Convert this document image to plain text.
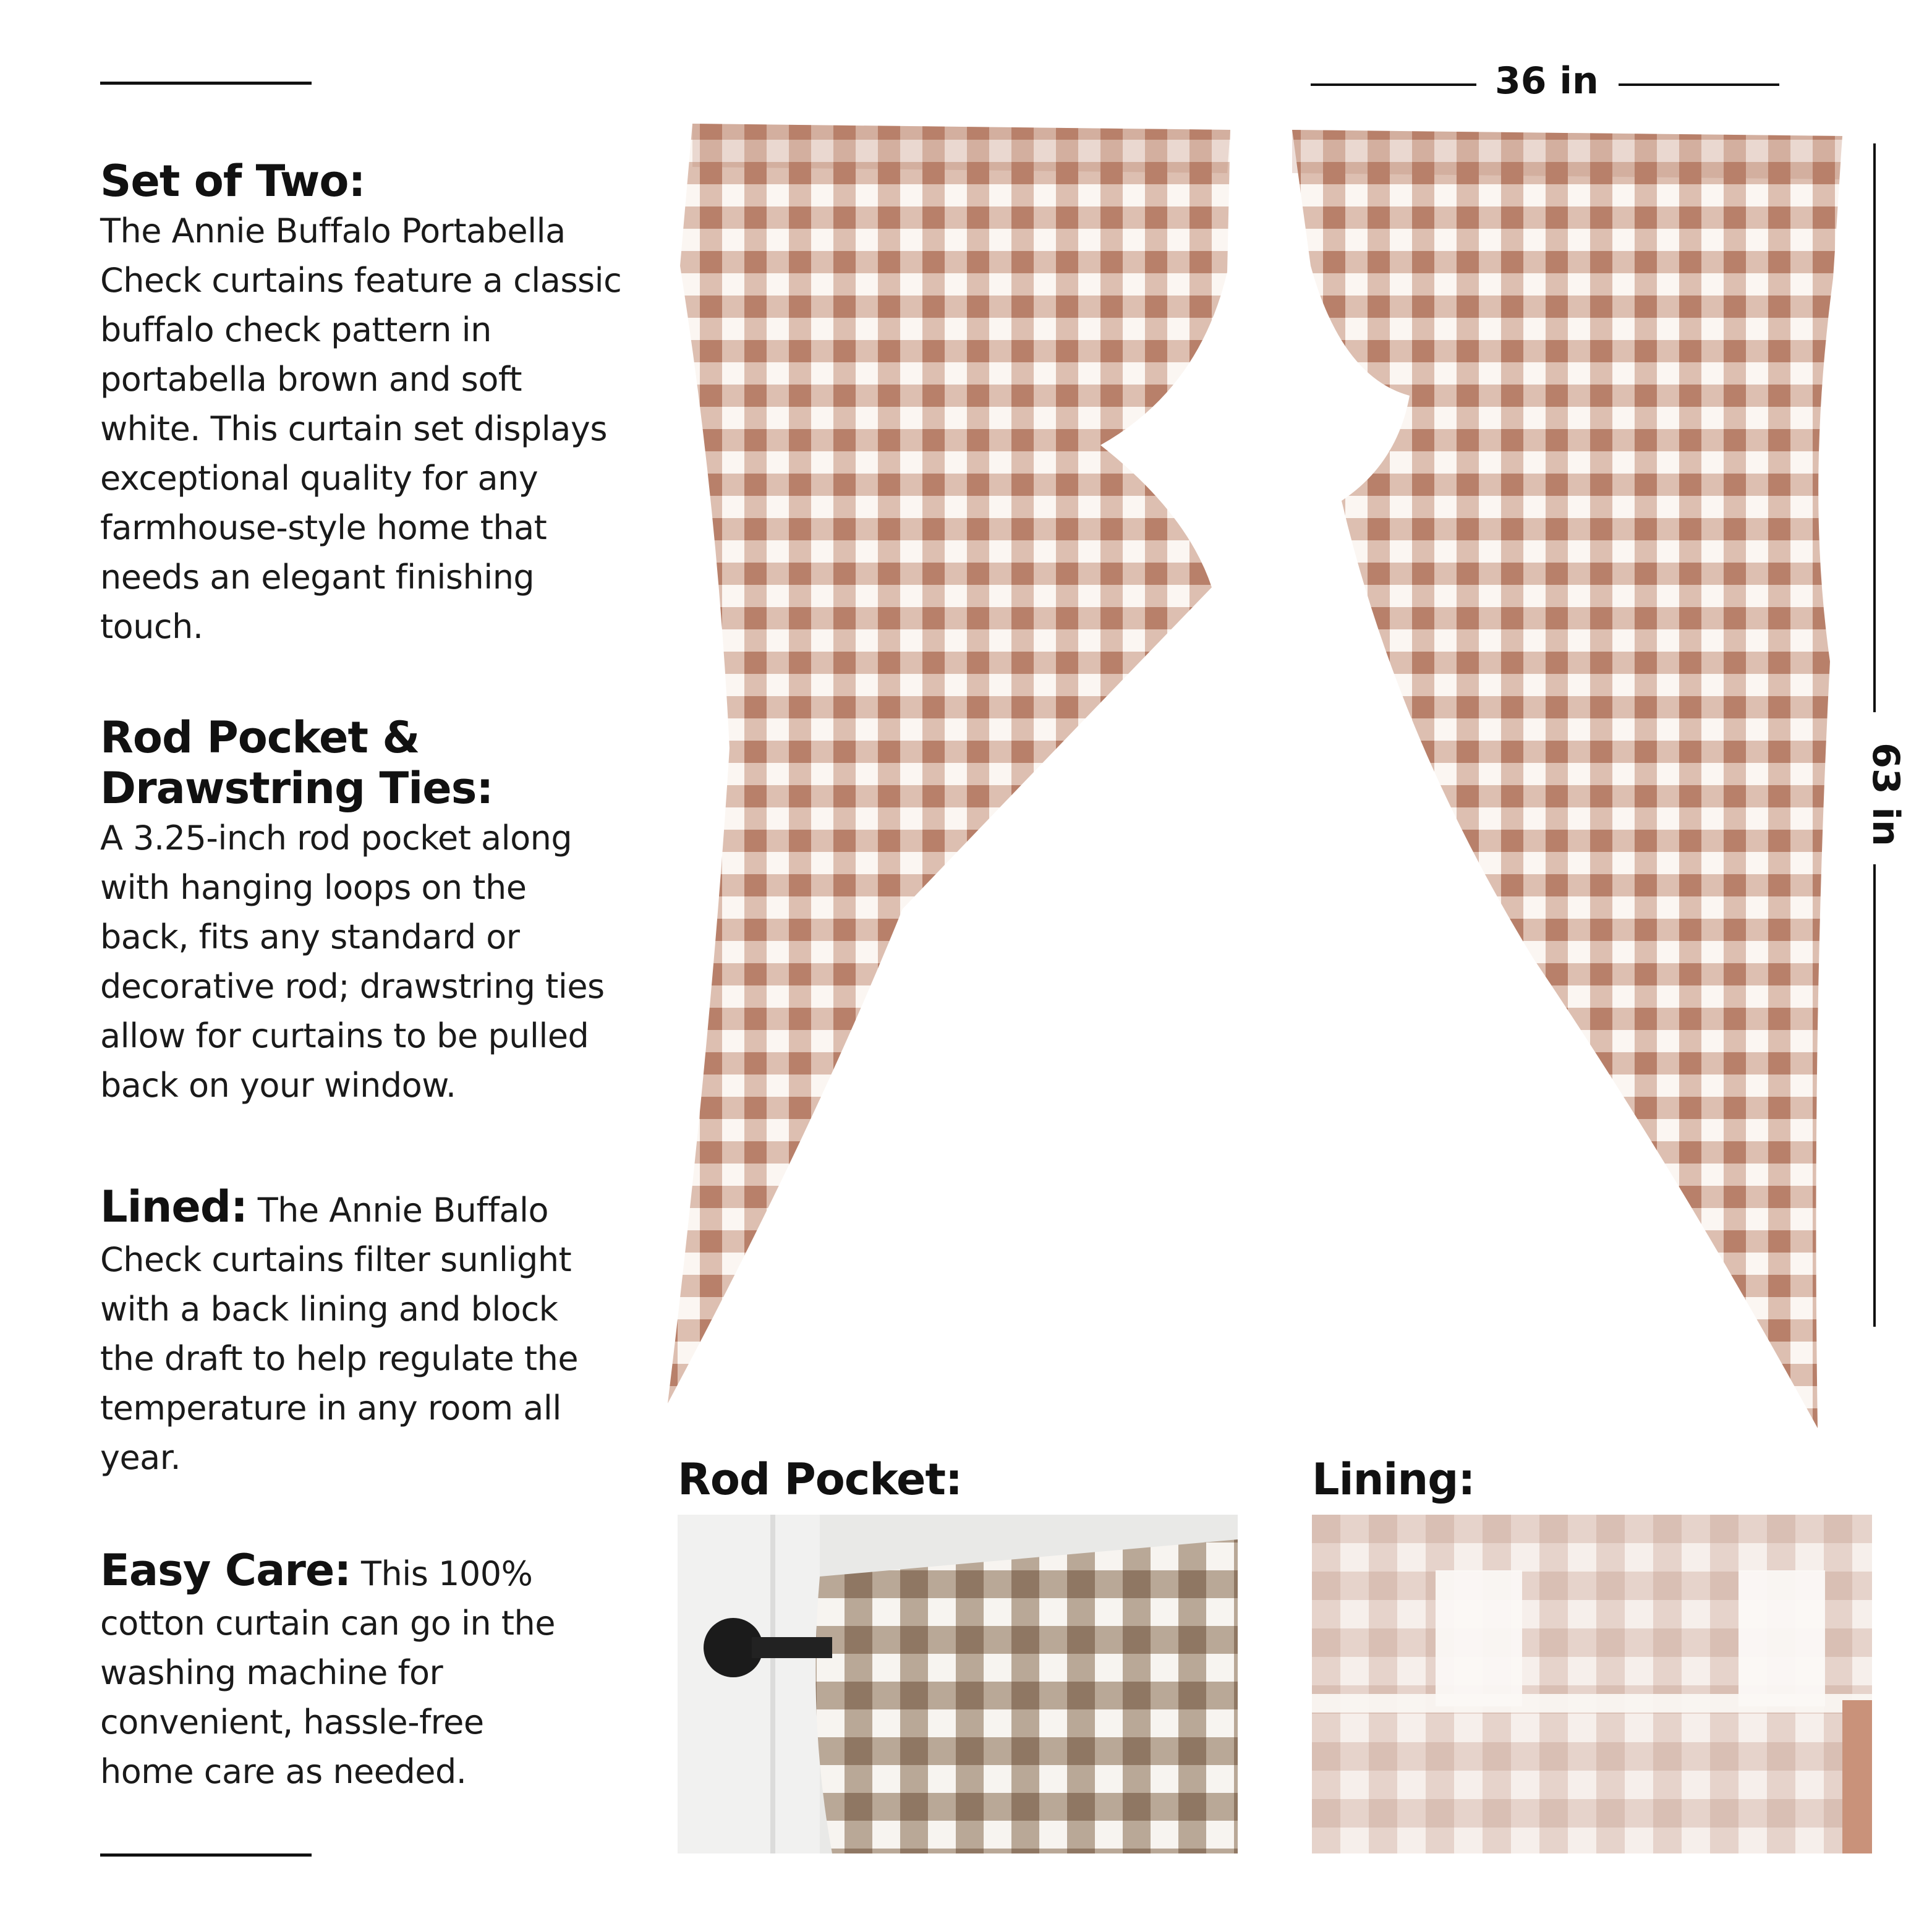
Set of Two:
The Annie Buffalo Portabella Check curtains feature a classic buffalo check pattern in portabella brown and soft white. This curtain set displays exceptional quality for any farmhouse-style home that needs an elegant finishing touch.
Rod Pocket &
Drawstring Ties:
A 3.25-inch rod pocket along with hanging loops on the back, fits any standard or decorative rod; drawstring ties allow for curtains to be pulled back on your window.
Lined: The Annie Buffalo Check curtains filter sunlight with a back lining and block the draft to help regulate the temperature in any room all year.
Easy Care: This 100% cotton curtain can go in the washing machine for convenient, hassle-free home care as needed.
36 in
63 in
Rod Pocket:	Lining:
